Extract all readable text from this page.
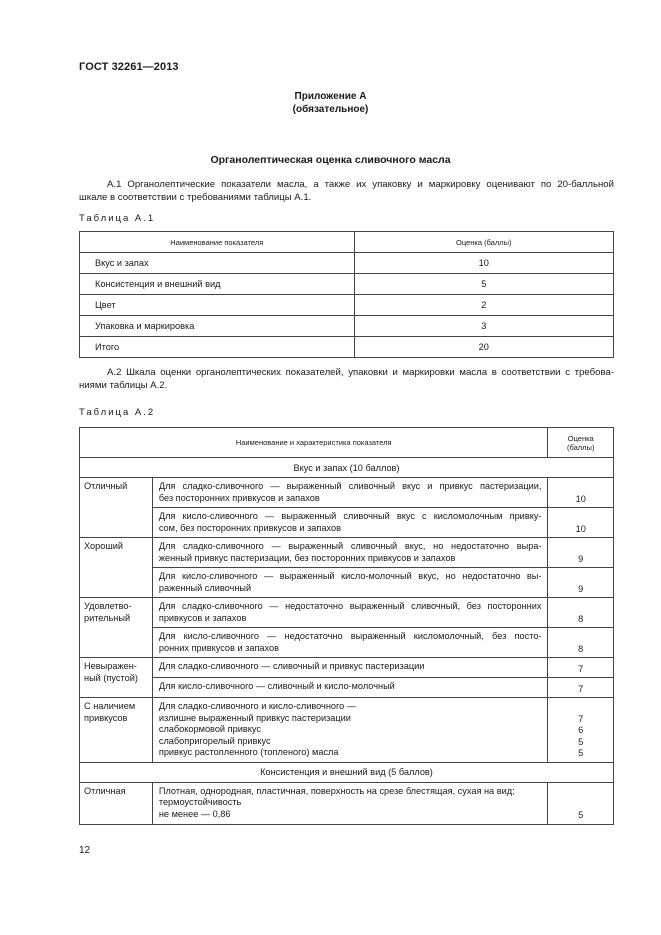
ГОСТ 32261—2013
Приложение А
(обязательное)
Органолептическая оценка сливочного масла
А.1 Органолептические показатели масла, а также их упаковку и маркировку оценивают по 20-балльной
шкале в соответствии с требованиями таблицы А.1.
Таблица А.1
Наименование показателя	Оценка (баллы)
Вкус и запах	10
Консистенция и внешний вид	5
Цвет	2
Упаковка и маркировка	3
Итого	20
А.2 Шкала оценки органолептических показателей, упаковки и маркировки масла в соответствии с требова-
ниями таблицы А.2.
Таблица А.2
Наименование и характеристика показателя		Оценка
(баллы)
Вкус и запах (10 баллов)		
Отличный	Для сладко-сливочного — выраженный сливочный вкус и привкус пастеризации,
без посторонних привкусов и запахов	10

	Для кисло-сливочного — выраженный сливочный вкус с кисломолочным привку-
сом, без посторонних привкусов и запахов	10
Хороший	Для сладко-сливочного — выраженный сливочный вкус, но недостаточно выра-
женный привкус пастеризации, без посторонних привкусов и запахов	9

	Для кисло-сливочного — выраженный кисло-молочный вкус, но недостаточно вы-
раженный сливочный	9
Удовлетво-
рительный	Для сладко-сливочного — недостаточно выраженный сливочный, без посторонних
привкусов и запахов	8

	Для кисло-сливочного — недостаточно выраженный кисломолочный, без посто-
ронних привкусов и запахов	8
Невыражен-
ный (пустой)	Для сладко-сливочного — сливочный и привкус пастеризации	7

	Для кисло-сливочного — сливочный и кисло-молочный	7
С наличием
привкусов	Для сладко-сливочного и кисло-сливочного —
излишне выраженный привкус пастеризации
слабокормовой привкус
слабопригорелый привкус
привкус растопленного (топленого) масла	7
6
5
5
Консистенция и внешний вид (5 баллов)		
Отличная	Плотная, однородная, пластичная, поверхность на срезе блестящая, сухая на вид;
термоустойчивость
не менее — 0,86	5
12
